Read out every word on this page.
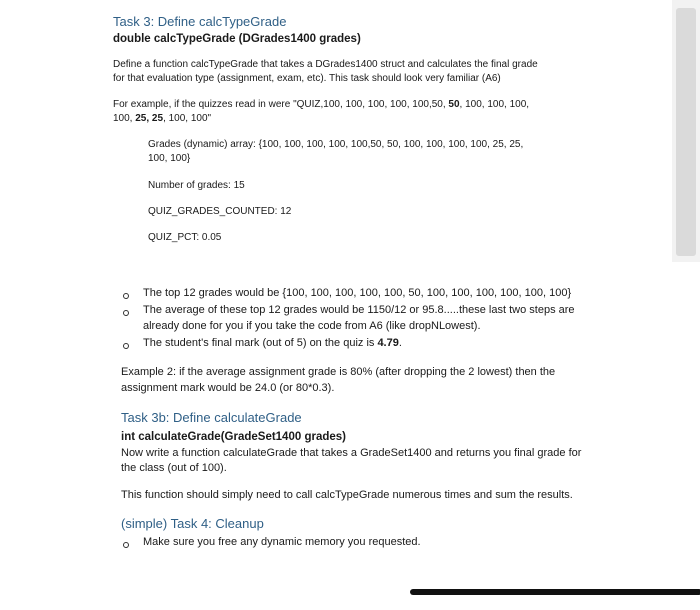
Task 3: Define calcTypeGrade
double calcTypeGrade (DGrades1400 grades)
Define a function calcTypeGrade that takes a DGrades1400 struct and calculates the final grade
for that evaluation type (assignment, exam, etc). This task should look very familiar (A6)
For example, if the quizzes read in were "QUIZ,100, 100, 100, 100, 100,50, 50, 100, 100, 100,
100, 25, 25, 100, 100"
Grades (dynamic) array: {100, 100, 100, 100, 100,50, 50, 100, 100, 100, 100, 25, 25,
100, 100}
Number of grades: 15
QUIZ_GRADES_COUNTED: 12
QUIZ_PCT: 0.05
The top 12 grades would be {100, 100, 100, 100, 100, 50, 100, 100, 100, 100, 100, 100}
The average of these top 12 grades would be 1150/12 or 95.8.....these last two steps are
already done for you if you take the code from A6 (like dropNLowest).
The student's final mark (out of 5) on the quiz is 4.79.
Example 2: if the average assignment grade is 80% (after dropping the 2 lowest) then the
assignment mark would be 24.0 (or 80*0.3).
Task 3b: Define calculateGrade
int calculateGrade(GradeSet1400 grades)
Now write a function calculateGrade that takes a GradeSet1400 and returns you final grade for
the class (out of 100).
This function should simply need to call calcTypeGrade numerous times and sum the results.
(simple) Task 4: Cleanup
Make sure you free any dynamic memory you requested.
